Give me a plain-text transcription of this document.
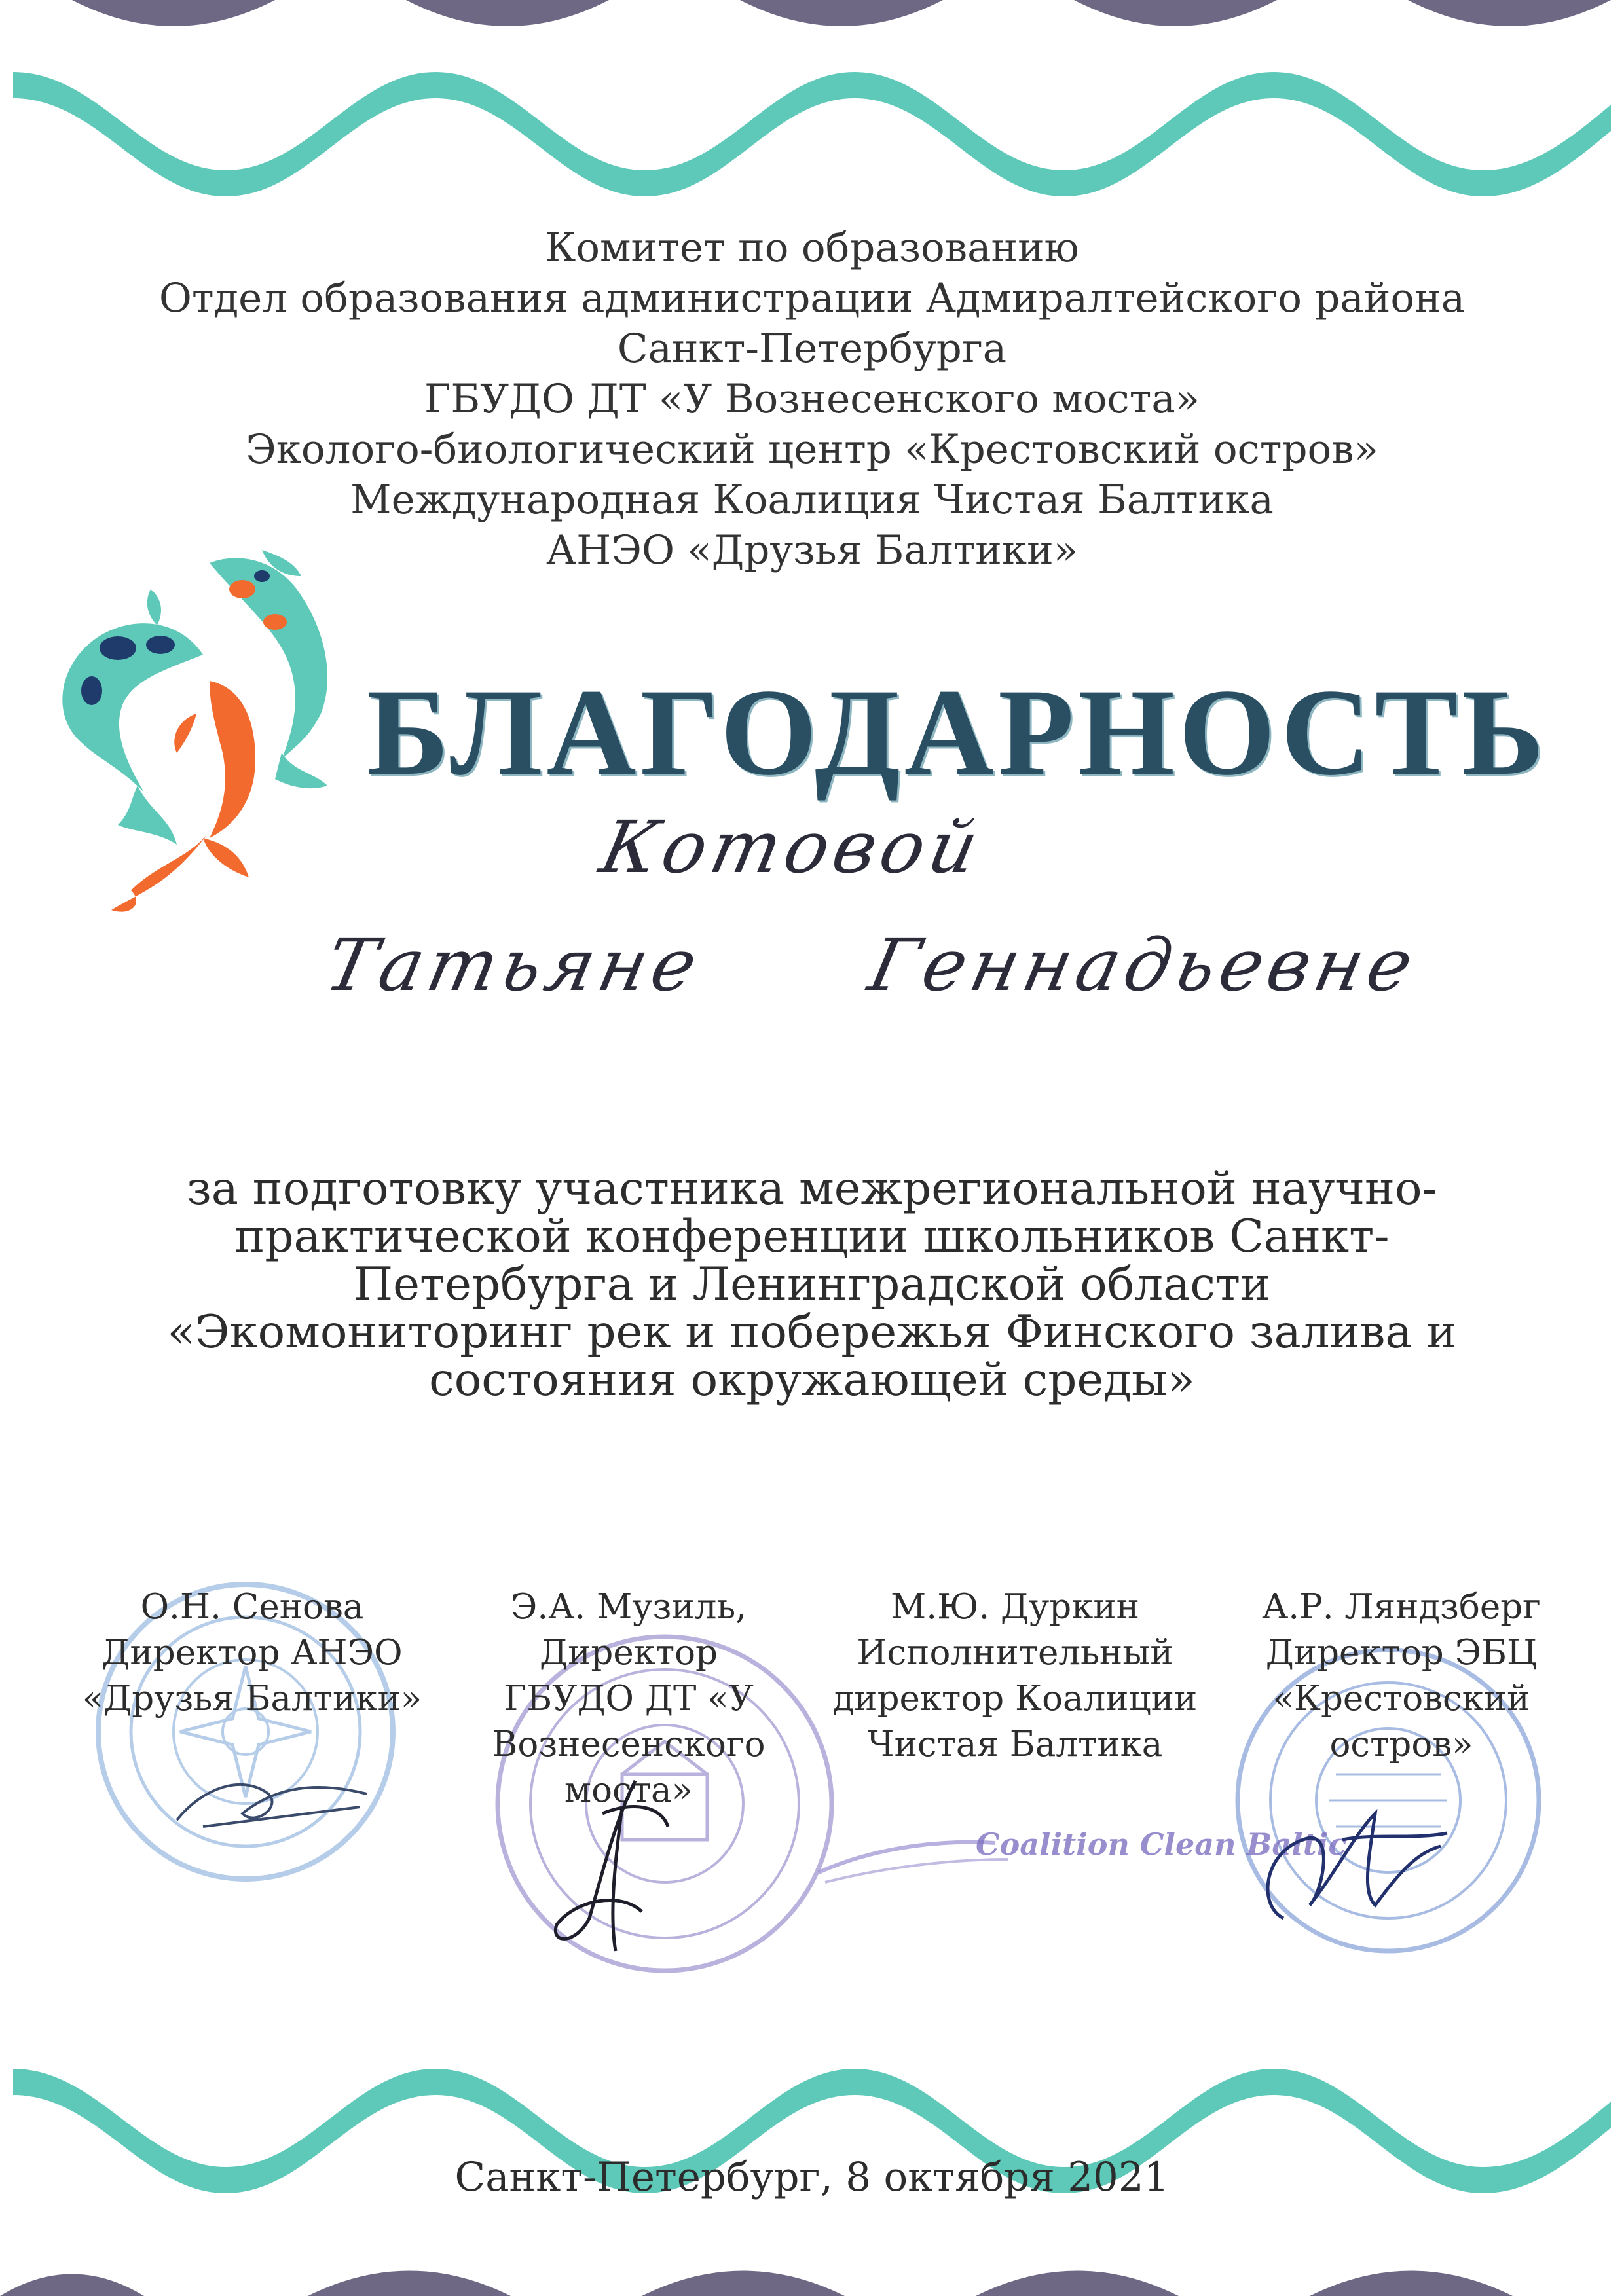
Комитет по образованию
Отдел образования администрации Адмиралтейского района
Санкт-Петербурга
ГБУДО ДТ «У Вознесенского моста»
Эколого-биологический центр «Крестовский остров»
Международная Коалиция Чистая Балтика
АНЭО «Друзья Балтики»
БЛАГОДАРНОСТЬ
Котовой
Татьяне Геннадьевне
за подготовку участника межрегиональной научно-
практической конференции школьников Санкт-
Петербурга и Ленинградской области
«Экомониторинг рек и побережья Финского залива и
состояния окружающей среды»
Coalition Clean Baltic
О.Н. Сенова
Директор АНЭО
«Друзья Балтики»
Э.А. Музиль,
Директор
ГБУДО ДТ «У
Вознесенского
моста»
М.Ю. Дуркин
Исполнительный
директор Коалиции
Чистая Балтика
А.Р. Ляндзберг
Директор ЭБЦ
«Крестовский
остров»
Санкт-Петербург, 8 октября 2021
